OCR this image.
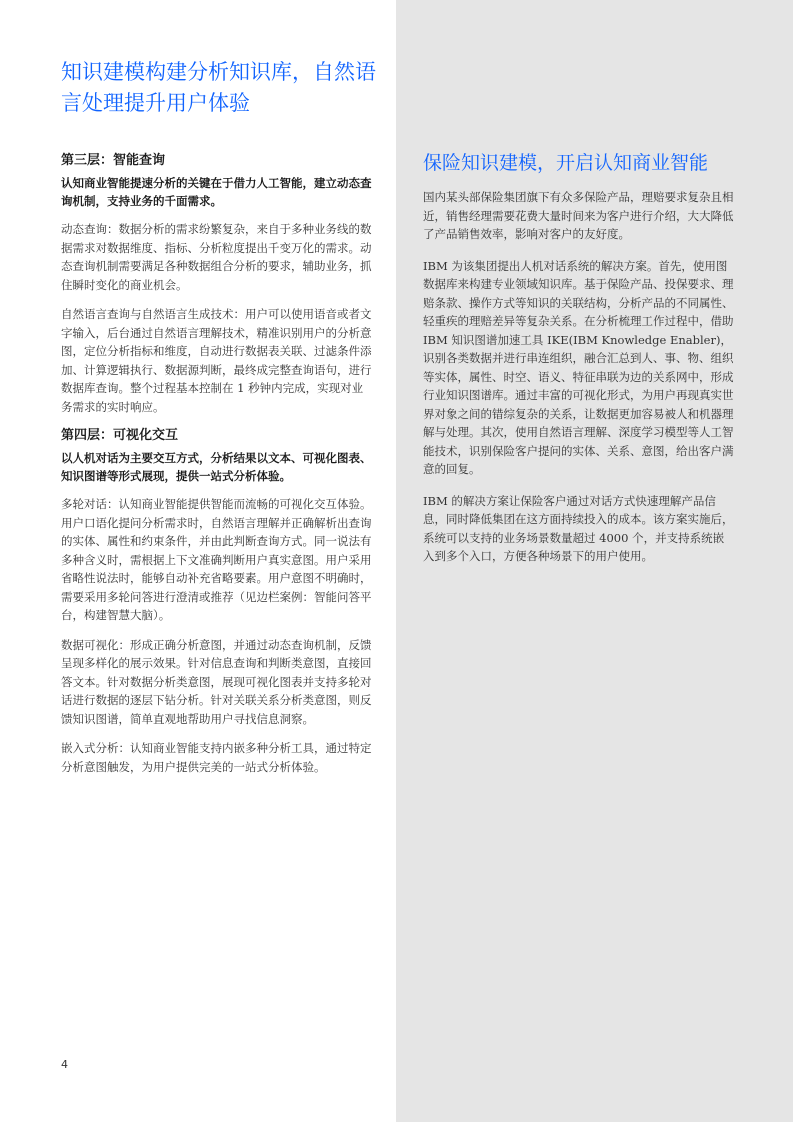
知识建模构建分析知识库，自然语言处理提升用户体验
第三层：智能查询

认知商业智能提速分析的关键在于借力人工智能，建立动态查询机制，支持业务的千面需求。

动态查询：数据分析的需求纷繁复杂，来自于多种业务线的数据需求对数据维度、指标、分析粒度提出千变万化的需求。动态查询机制需要满足各种数据组合分析的要求，辅助业务，抓住瞬时变化的商业机会。

自然语言查询与自然语言生成技术：用户可以使用语音或者文字输入，后台通过自然语言理解技术，精准识别用户的分析意图，定位分析指标和维度，自动进行数据表关联、过滤条件添加、计算逻辑执行、数据源判断，最终成完整查询语句，进行数据库查询。整个过程基本控制在 1 秒钟内完成，实现对业务需求的实时响应。

第四层：可视化交互

以人机对话为主要交互方式，分析结果以文本、可视化图表、知识图谱等形式展现，提供一站式分析体验。

多轮对话：认知商业智能提供智能而流畅的可视化交互体验。用户口语化提问分析需求时，自然语言理解并正确解析出查询的实体、属性和约束条件，并由此判断查询方式。同一说法有多种含义时，需根据上下文准确判断用户真实意图。用户采用省略性说法时，能够自动补充省略要素。用户意图不明确时，需要采用多轮问答进行澄清或推荐（见边栏案例：智能问答平台，构建智慧大脑）。

数据可视化：形成正确分析意图，并通过动态查询机制，反馈呈现多样化的展示效果。针对信息查询和判断类意图，直接回答文本。针对数据分析类意图，展现可视化图表并支持多轮对话进行数据的逐层下钻分析。针对关联关系分析类意图，则反馈知识图谱，简单直观地帮助用户寻找信息洞察。

嵌入式分析：认知商业智能支持内嵌多种分析工具，通过特定分析意图触发，为用户提供完美的一站式分析体验。

保险知识建模，开启认知商业智能

国内某头部保险集团旗下有众多保险产品，理赔要求复杂且相近，销售经理需要花费大量时间来为客户进行介绍，大大降低了产品销售效率，影响对客户的友好度。

IBM 为该集团提出人机对话系统的解决方案。首先，使用图数据库来构建专业领域知识库。基于保险产品、投保要求、理赔条款、操作方式等知识的关联结构，分析产品的不同属性、轻重疾的理赔差异等复杂关系。在分析梳理工作过程中，借助 IBM 知识图谱加速工具 IKE(IBM Knowledge Enabler)，识别各类数据并进行串连组织，融合汇总到人、事、物、组织等实体，属性、时空、语义、特征串联为边的关系网中，形成行业知识图谱库。通过丰富的可视化形式，为用户再现真实世界对象之间的错综复杂的关系，让数据更加容易被人和机器理解与处理。其次，使用自然语言理解、深度学习模型等人工智能技术，识别保险客户提问的实体、关系、意图，给出客户满意的回复。

IBM 的解决方案让保险客户通过对话方式快速理解产品信息，同时降低集团在这方面持续投入的成本。该方案实施后，系统可以支持的业务场景数量超过 4000 个，并支持系统嵌入到多个入口，方便各种场景下的用户使用。

4
